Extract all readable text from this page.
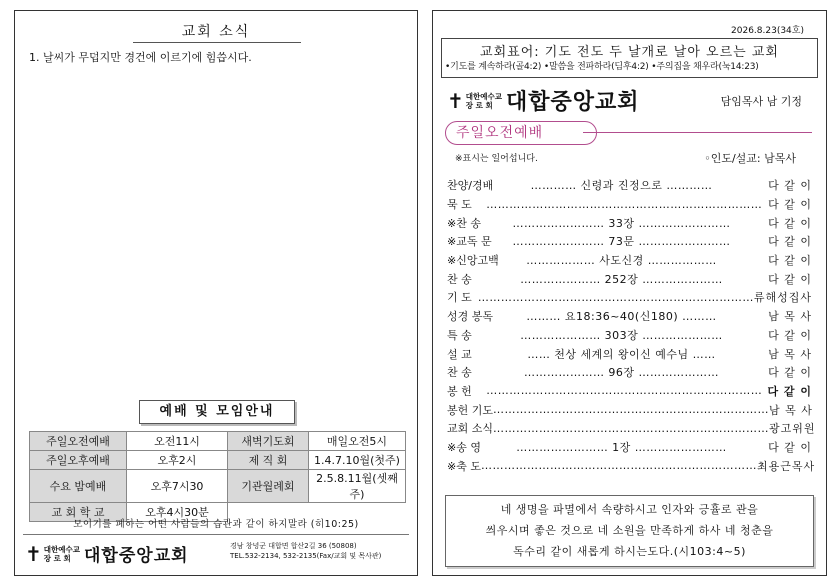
교회 소식
1. 날씨가 무덥지만 경건에 이르기에 힘씁시다.
예배 및 모임안내
주일오전예배	오전11시	새벽기도회	매일오전5시
주일오후예배	오후2시	제 직 회	1.4.7.10월(첫주)
수요 밤예배	오후7시30	기관월례회	2.5.8.11월(셋째주)
교 회 학 교	오후4시30분		
모이기를 폐하는 어떤 사람들의 습관과 같이 하지말라 (히10:25)
✝ 대한예수교
장 로 회 대합중앙교회	경남 창녕군 대합면 합산2길 36 (50808)
TEL.532-2134, 532-2135(Fax/교회 및 목사관)
2026.8.23(34호)
교회표어: 기도 전도 두 날개로 날아 오르는 교회
•기도를 계속하라(골4:2) •말씀을 전파하라(딤후4:2) •주의집을 채우라(눅14:23)
✝ 대한예수교
장 로 회 대합중앙교회	담임목사 남 기정
주일오전예배
※표시는 일어섭니다.	◦인도/설교: 남목사
찬양/경배	………… 신령과 진정으로 …………	다 같 이
묵 도	……………………………………………………………… 다 같 이
※찬 송	…………………… 33장 ……………………	다 같 이
※교독 문	…………………… 73문 ……………………	다 같 이
※신앙고백	……………… 사도신경 ………………	다 같 이
찬 송	………………… 252장 …………………	다 같 이
기 도 ……………………………………………………………… 류해성집사
성경 봉독	……… 요18:36~40(신180) ………	남 목 사
특 송	………………… 303장 …………………	다 같 이
설 교	…… 천상 세계의 왕이신 예수님 ……	남 목 사
찬 송	………………… 96장 …………………	다 같 이
봉 헌	……………………………………………………………… 다 같 이
봉헌 기도 ……………………………………………………………… 남 목 사
교회 소식 ……………………………………………………………… 광고위원
※송 영	…………………… 1장 ……………………	다 같 이
※축 도 ……………………………………………………………… 최용근목사
네 생명을 파멸에서 속량하시고 인자와 긍휼로 관을
씌우시며 좋은 것으로 네 소원을 만족하게 하사 네 청춘을
독수리 같이 새롭게 하시는도다.(시103:4~5)
